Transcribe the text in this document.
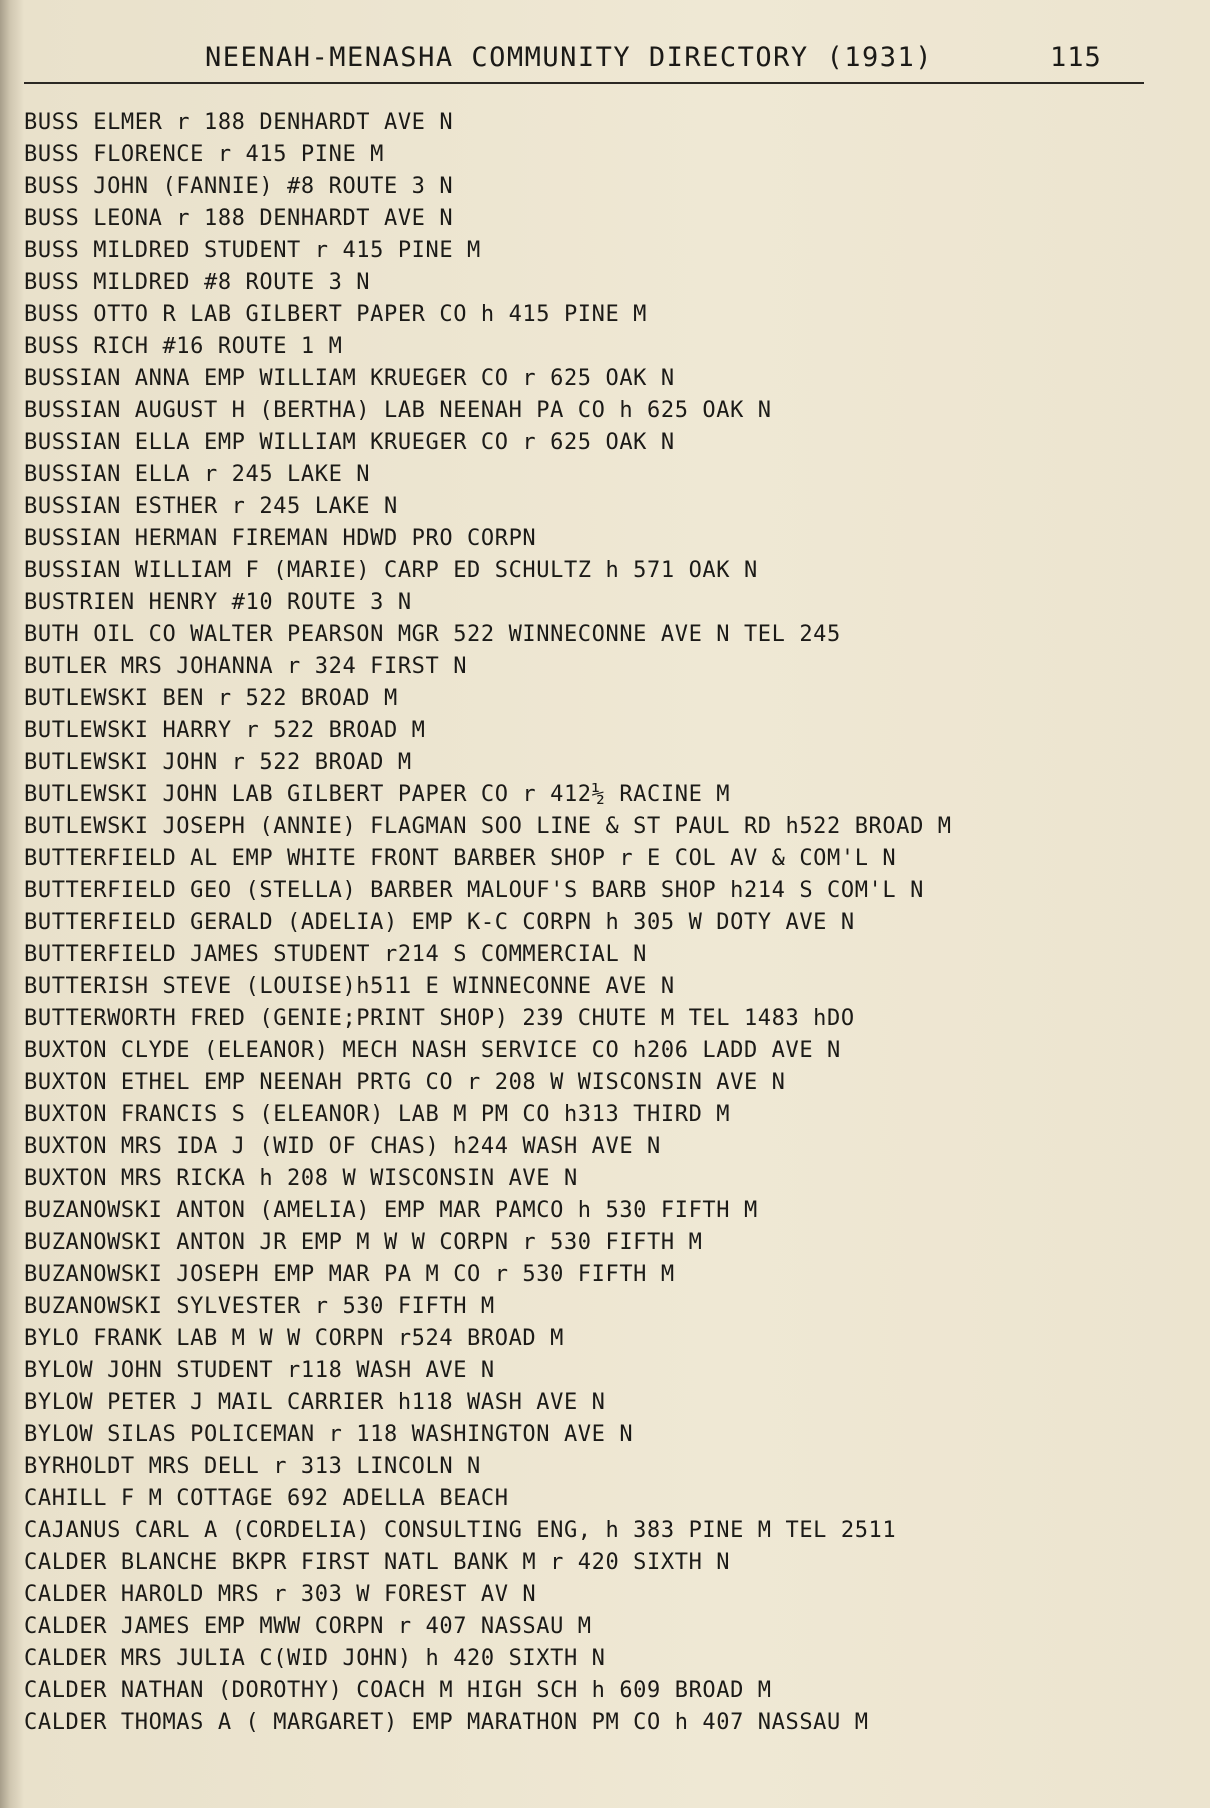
NEENAH-MENASHA COMMUNITY DIRECTORY (1931)	115
BUSS ELMER r 188 DENHARDT AVE N
BUSS FLORENCE r 415 PINE M
BUSS JOHN (FANNIE) #8 ROUTE 3 N
BUSS LEONA r 188 DENHARDT AVE N
BUSS MILDRED STUDENT r 415 PINE M
BUSS MILDRED #8 ROUTE 3 N
BUSS OTTO R LAB GILBERT PAPER CO h 415 PINE M
BUSS RICH #16 ROUTE 1 M
BUSSIAN ANNA EMP WILLIAM KRUEGER CO r 625 OAK N
BUSSIAN AUGUST H (BERTHA) LAB NEENAH PA CO h 625 OAK N
BUSSIAN ELLA EMP WILLIAM KRUEGER CO r 625 OAK N
BUSSIAN ELLA r 245 LAKE N
BUSSIAN ESTHER r 245 LAKE N
BUSSIAN HERMAN FIREMAN HDWD PRO CORPN
BUSSIAN WILLIAM F (MARIE) CARP ED SCHULTZ h 571 OAK N
BUSTRIEN HENRY #10 ROUTE 3 N
BUTH OIL CO WALTER PEARSON MGR 522 WINNECONNE AVE N TEL 245
BUTLER MRS JOHANNA r 324 FIRST N
BUTLEWSKI BEN r 522 BROAD M
BUTLEWSKI HARRY r 522 BROAD M
BUTLEWSKI JOHN r 522 BROAD M
BUTLEWSKI JOHN LAB GILBERT PAPER CO r 412½ RACINE M
BUTLEWSKI JOSEPH (ANNIE) FLAGMAN SOO LINE & ST PAUL RD h522 BROAD M
BUTTERFIELD AL EMP WHITE FRONT BARBER SHOP r E COL AV & COM'L N
BUTTERFIELD GEO (STELLA) BARBER MALOUF'S BARB SHOP h214 S COM'L N
BUTTERFIELD GERALD (ADELIA) EMP K-C CORPN h 305 W DOTY AVE N
BUTTERFIELD JAMES STUDENT r214 S COMMERCIAL N
BUTTERISH STEVE (LOUISE)h511 E WINNECONNE AVE N
BUTTERWORTH FRED (GENIE;PRINT SHOP) 239 CHUTE M TEL 1483 hDO
BUXTON CLYDE (ELEANOR) MECH NASH SERVICE CO h206 LADD AVE N
BUXTON ETHEL EMP NEENAH PRTG CO r 208 W WISCONSIN AVE N
BUXTON FRANCIS S (ELEANOR) LAB M PM CO h313 THIRD M
BUXTON MRS IDA J (WID OF CHAS) h244 WASH AVE N
BUXTON MRS RICKA h 208 W WISCONSIN AVE N
BUZANOWSKI ANTON (AMELIA) EMP MAR PAMCO h 530 FIFTH M
BUZANOWSKI ANTON JR EMP M W W CORPN r 530 FIFTH M
BUZANOWSKI JOSEPH EMP MAR PA M CO r 530 FIFTH M
BUZANOWSKI SYLVESTER r 530 FIFTH M
BYLO FRANK LAB M W W CORPN r524 BROAD M
BYLOW JOHN STUDENT r118 WASH AVE N
BYLOW PETER J MAIL CARRIER h118 WASH AVE N
BYLOW SILAS POLICEMAN r 118 WASHINGTON AVE N
BYRHOLDT MRS DELL r 313 LINCOLN N
CAHILL F M COTTAGE 692 ADELLA BEACH
CAJANUS CARL A (CORDELIA) CONSULTING ENG, h 383 PINE M TEL 2511
CALDER BLANCHE BKPR FIRST NATL BANK M r 420 SIXTH N
CALDER HAROLD MRS r 303 W FOREST AV N
CALDER JAMES EMP MWW CORPN r 407 NASSAU M
CALDER MRS JULIA C(WID JOHN) h 420 SIXTH N
CALDER NATHAN (DOROTHY) COACH M HIGH SCH h 609 BROAD M
CALDER THOMAS A ( MARGARET) EMP MARATHON PM CO h 407 NASSAU M
